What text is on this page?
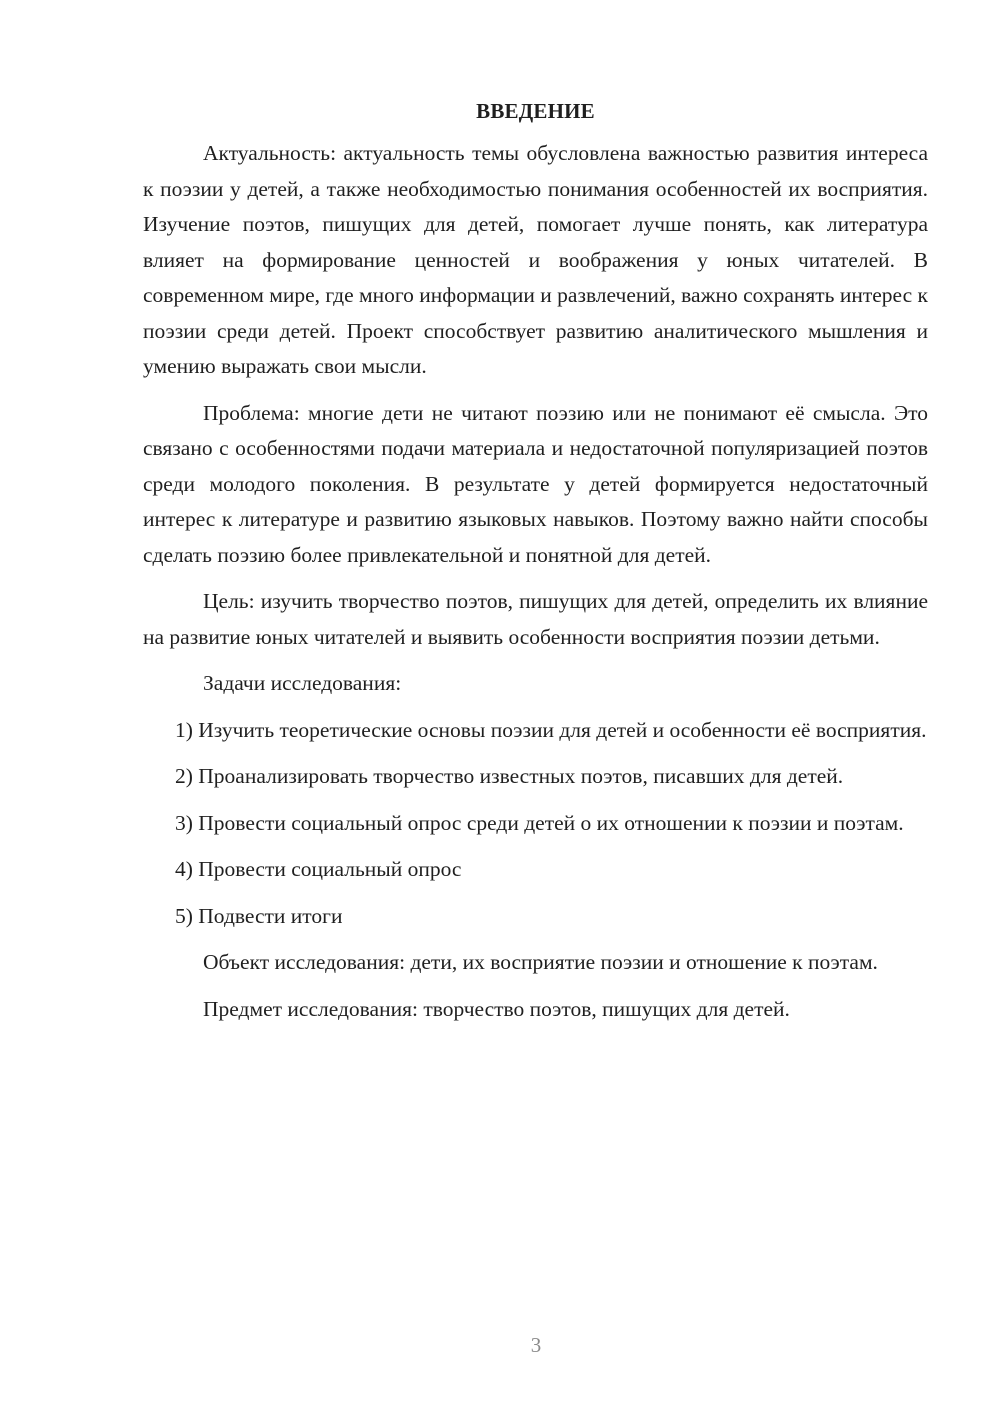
ВВЕДЕНИЕ

Актуальность: актуальность темы обусловлена важностью развития интереса к поэзии у детей, а также необходимостью понимания особенностей их восприятия. Изучение поэтов, пишущих для детей, помогает лучше понять, как литература влияет на формирование ценностей и воображения у юных читателей. В современном мире, где много информации и развлечений, важно сохранять интерес к поэзии среди детей. Проект способствует развитию аналитического мышления и умению выражать свои мысли.

Проблема: многие дети не читают поэзию или не понимают её смысла. Это связано с особенностями подачи материала и недостаточной популяризацией поэтов среди молодого поколения. В результате у детей формируется недостаточный интерес к литературе и развитию языковых навыков. Поэтому важно найти способы сделать поэзию более привлекательной и понятной для детей.

Цель: изучить творчество поэтов, пишущих для детей, определить их влияние на развитие юных читателей и выявить особенности восприятия поэзии детьми.

Задачи исследования:

1) Изучить теоретические основы поэзии для детей и особенности её восприятия.

2) Проанализировать творчество известных поэтов, писавших для детей.

3) Провести социальный опрос среди детей о их отношении к поэзии и поэтам.

4) Провести социальный опрос

5) Подвести итоги

Объект исследования: дети, их восприятие поэзии и отношение к поэтам.

Предмет исследования: творчество поэтов, пишущих для детей.

3
